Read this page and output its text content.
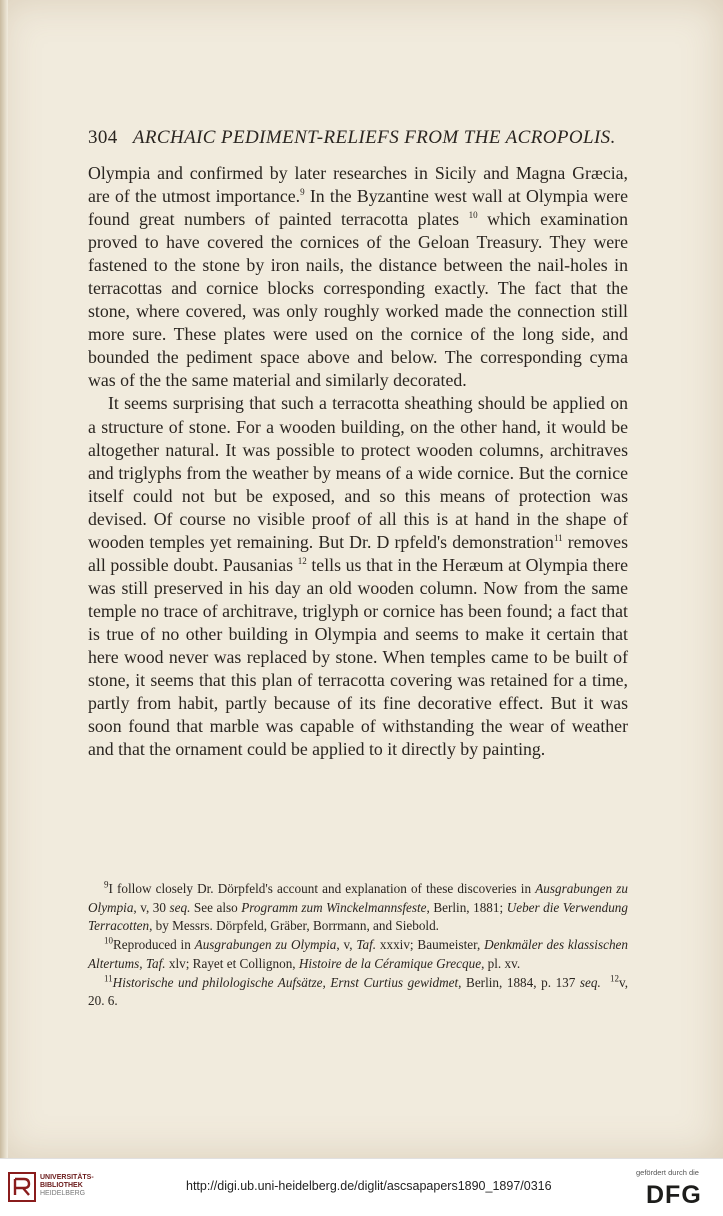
304 ARCHAIC PEDIMENT-RELIEFS FROM THE ACROPOLIS.

Olympia and confirmed by later researches in Sicily and Magna Græcia, are of the utmost importance.$^9$ In the Byzantine west wall at Olympia were found great numbers of painted terracotta plates $^{10}$ which examination proved to have covered the cornices of the Geloan Treasury. They were fastened to the stone by iron nails, the distance between the nail-holes in terracottas and cornice blocks corresponding exactly. The fact that the stone, where covered, was only roughly worked made the connection still more sure. These plates were used on the cornice of the long side, and bounded the pediment space above and below. The corresponding cyma was of the the same material and similarly decorated.

It seems surprising that such a terracotta sheathing should be applied on a structure of stone. For a wooden building, on the other hand, it would be altogether natural. It was possible to protect wooden columns, architraves and triglyphs from the weather by means of a wide cornice. But the cornice itself could not but be exposed, and so this means of protection was devised. Of course no visible proof of all this is at hand in the shape of wooden temples yet remaining. But Dr. D rpfeld's demonstration$^{11}$ removes all possible doubt. Pausanias $^{12}$ tells us that in the Heræum at Olympia there was still preserved in his day an old wooden column. Now from the same temple no trace of architrave, triglyph or cornice has been found; a fact that is true of no other building in Olympia and seems to make it certain that here wood never was replaced by stone. When temples came to be built of stone, it seems that this plan of terracotta covering was retained for a time, partly from habit, partly because of its fine decorative effect. But it was soon found that marble was capable of withstanding the wear of weather and that the ornament could be applied to it directly by painting.

$^9$I follow closely Dr. Dörpfeld's account and explanation of these discoveries in Ausgrabungen zu Olympia, v, 30 seq. See also Programm zum Winckelmannsfeste, Berlin, 1881; Ueber die Verwendung Terracotten, by Messrs. Dörpfeld, Gräber, Borrmann, and Siebold.

$^{10}$Reproduced in Ausgrabungen zu Olympia, v, Taf. xxxiv; Baumeister, Denkmäler des klassischen Altertums, Taf. xlv; Rayet et Collignon, Histoire de la Céramique Grecque, pl. xv.

$^{11}$Historische und philologische Aufsätze, Ernst Curtius gewidmet, Berlin, 1884, p. 137 seq. $^{12}$v, 20. 6.

UNIVERSITÄTS-
BIBLIOTHEK
HEIDELBERG
http://digi.ub.uni-heidelberg.de/diglit/ascsapapers1890_1897/0316
gefördert durch die
DFG
